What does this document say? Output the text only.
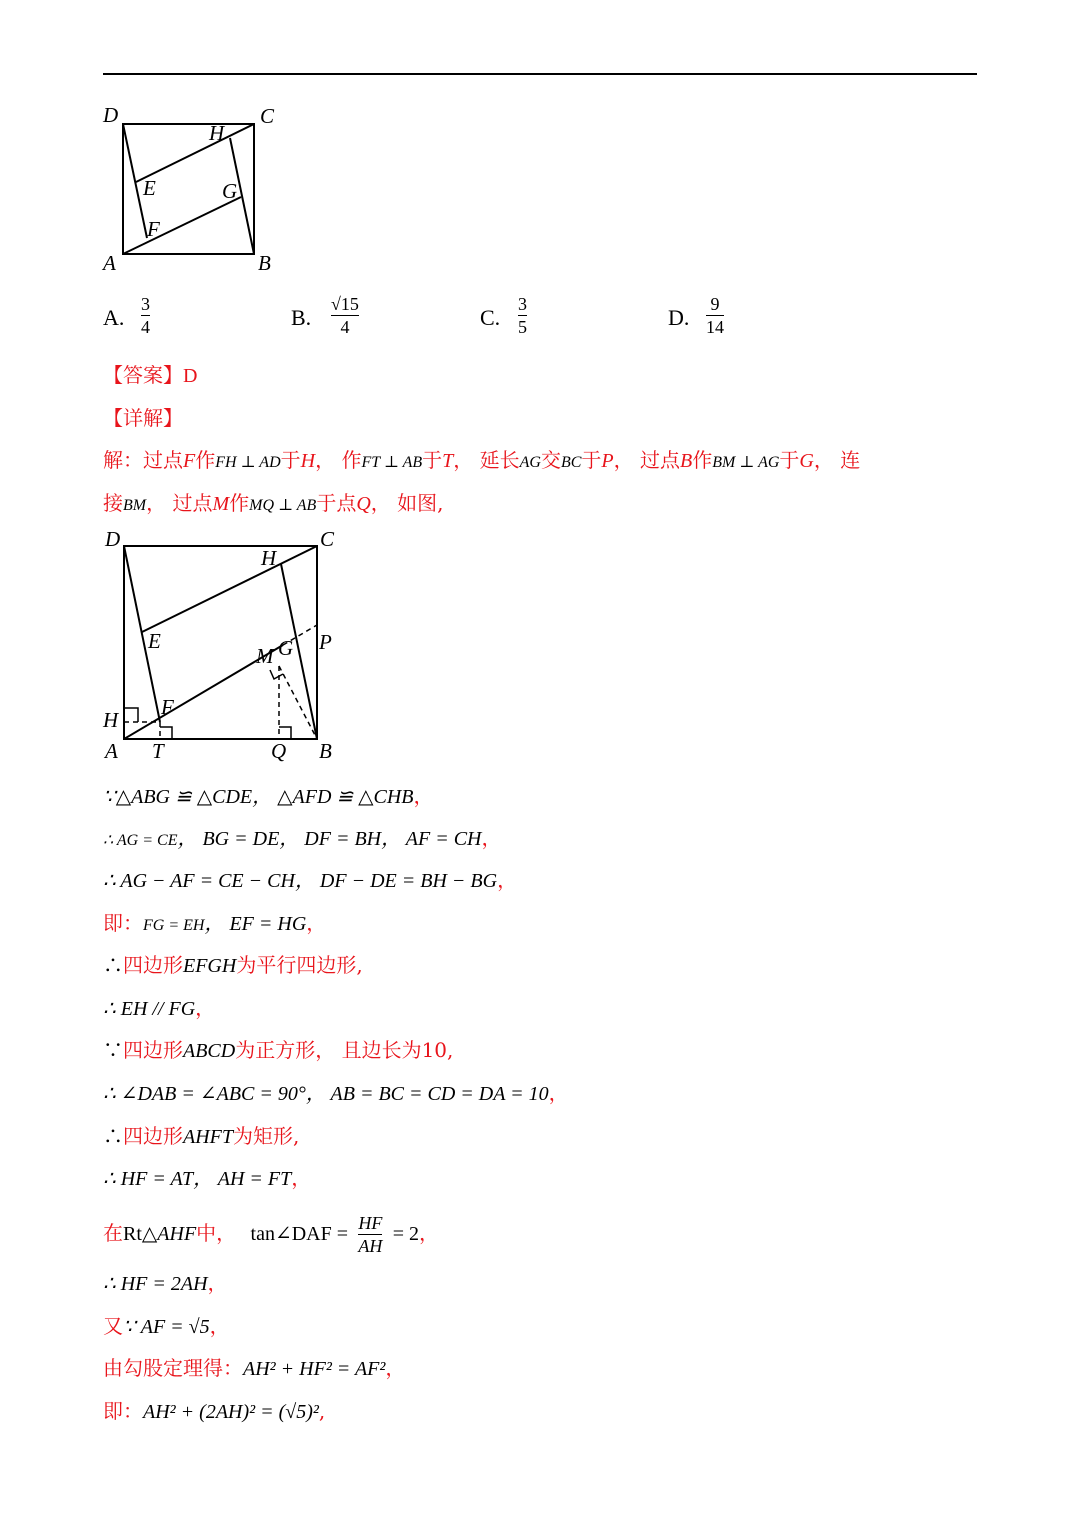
D	C
H
E	G
F
A	B
A.
3
4	B.
√15
4	C.
3
5	D.
9
14
【答案】D
【详解】
解：过点F作FH ⊥ AD于H， 作FT ⊥ AB于T， 延长AG交BC于P， 过点B作BM ⊥ AG于G， 连
接BM， 过点M作MQ ⊥ AB于点Q， 如图,
D	C
H
E
M G P
H
F
A T	Q B
∵△ABG ≌ △CDE， △AFD ≌ △CHB，
∴ AG = CE， BG = DE， DF = BH， AF = CH，
∴ AG − AF = CE − CH， DF − DE = BH − BG，
即：FG = EH， EF = HG，
∴四边形EFGH为平行四边形,
∴ EH // FG，
∵四边形ABCD为正方形， 且边长为10,
∴ ∠DAB = ∠ABC = 90°， AB = BC = CD = DA = 10，
∴四边形AHFT为矩形,
∴ HF = AT， AH = FT，
在Rt△AHF中， tan∠DAF = $\frac{HF}{AH} = 2$，
∴ HF = 2AH，
又∵ AF = √5，
由勾股定理得：AH² + HF² = AF²，
即：AH² + (2AH)² = (√5)²,
